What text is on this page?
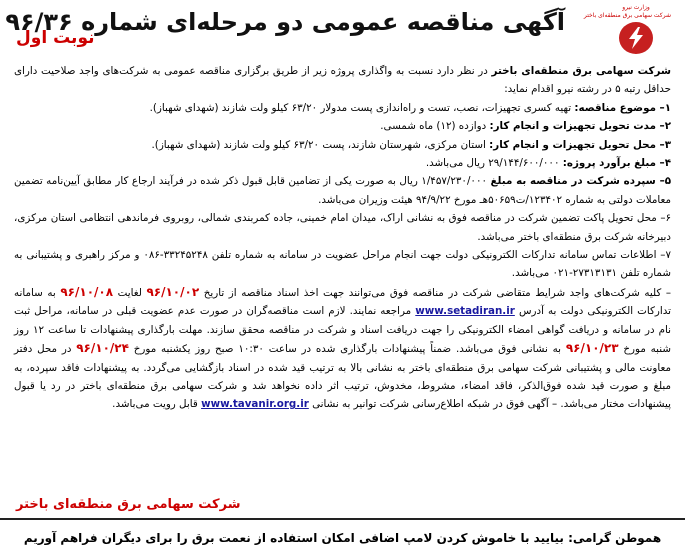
وزارت نیرو
شرکت سهامی برق منطقه‌ای باختر
آگهی مناقصه عمومی دو مرحله‌ای شماره ۹۶/۳۶
نوبت اول

شرکت سهامی برق منطقه‌ای باختر در نظر دارد نسبت به واگذاری پروژه زیر از طریق برگزاری مناقصه عمومی به شرکت‌های واجد صلاحیت دارای حداقل رتبه ۵ در رشته نیرو اقدام نماید:

۱– موضوع مناقصه: تهیه کسری تجهیزات، نصب، تست و راه‌اندازی پست مدولار ۶۳/۲۰ کیلو ولت شازند (شهدای شهباز).

۲– مدت تحویل تجهیزات و انجام کار: دوازده (۱۲) ماه شمسی.

۳– محل تحویل تجهیزات و انجام کار: استان مرکزی، شهرستان شازند، پست ۶۳/۲۰ کیلو ولت شازند (شهدای شهباز).

۴– مبلغ برآورد پروژه: ۲۹/۱۴۴/۶۰۰/۰۰۰ ریال می‌باشد.

۵– سپرده شرکت در مناقصه به مبلغ ۱/۴۵۷/۲۳۰/۰۰۰ ریال به صورت یکی از تضامین قابل قبول ذکر شده در فرآیند ارجاع کار مطابق آیین‌نامه تضمین معاملات دولتی به شماره ۱۲۳۴۰۲/ت۵۰۶۵۹هـ مورخ ۹۴/۹/۲۲ هیئت وزیران می‌باشد.

۶– محل تحویل پاکت تضمین شرکت در مناقصه فوق به نشانی اراک، میدان امام خمینی، جاده کمربندی شمالی، روبروی فرماندهی انتظامی استان مرکزی، دبیرخانه شرکت برق منطقه‌ای باختر می‌باشد.

۷– اطلاعات تماس سامانه تدارکات الکترونیکی دولت جهت انجام مراحل عضویت در سامانه به شماره تلفن ۳۳۲۴۵۲۴۸-۰۸۶ و مرکز راهبری و پشتیبانی به شماره تلفن ۲۷۳۱۳۱۳۱-۰۲۱ می‌باشد.

– کلیه شرکت‌های واجد شرایط متقاضی شرکت در مناقصه فوق می‌توانند جهت اخذ اسناد مناقصه از تاریخ ۹۶/۱۰/۰۲ لغایت ۹۶/۱۰/۰۸ به سامانه تدارکات الکترونیکی دولت به آدرس www.setadiran.ir مراجعه نمایند. لازم است مناقصه‌گران در صورت عدم عضویت قبلی در سامانه، مراحل ثبت نام در سامانه و دریافت گواهی امضاء الکترونیکی را جهت دریافت اسناد و شرکت در مناقصه محقق سازند. مهلت بارگذاری پیشنهادات تا ساعت ۱۲ روز شنبه مورخ ۹۶/۱۰/۲۳ به نشانی فوق می‌باشد. ضمناً پیشنهادات بارگذاری شده در ساعت ۱۰:۳۰ صبح روز یکشنبه مورخ ۹۶/۱۰/۲۴ در محل دفتر معاونت مالی و پشتیبانی شرکت سهامی برق منطقه‌ای باختر به نشانی بالا به ترتیب قید شده در اسناد بازگشایی می‌گردد. به پیشنهادات فاقد سپرده، به مبلغ و صورت قید شده فوق‌الذکر، فاقد امضاء، مشروط، مخدوش، ترتیب اثر داده نخواهد شد و شرکت سهامی برق منطقه‌ای باختر در رد یا قبول پیشنهادات مختار می‌باشد. – آگهی فوق در شبکه اطلاع‌رسانی شرکت توانیر به نشانی www.tavanir.org.ir قابل رویت می‌باشد.

شرکت سهامی برق منطقه‌ای باختر
هموطن گرامی: بیایید با خاموش کردن لامپ اضافی امکان استفاده از نعمت برق را برای دیگران فراهم آوریم
